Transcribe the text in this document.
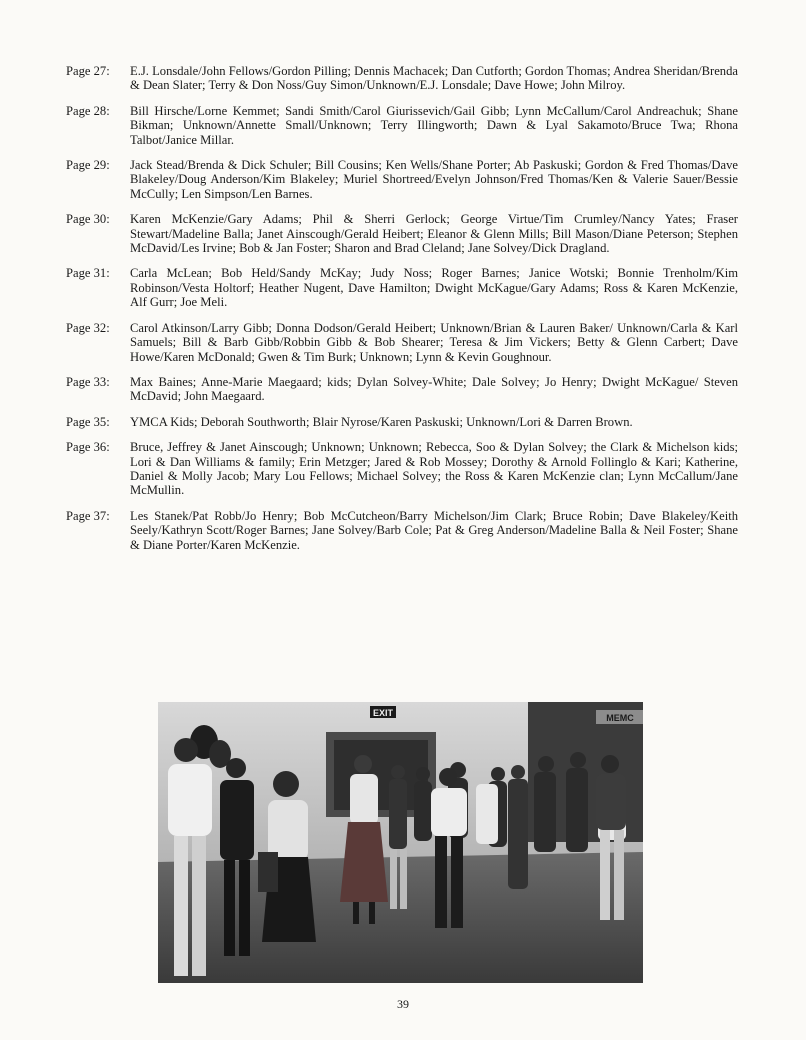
Page 27:	E.J. Lonsdale/John Fellows/Gordon Pilling; Dennis Machacek; Dan Cutforth; Gordon Thomas; Andrea Sheridan/Brenda & Dean Slater; Terry & Don Noss/Guy Simon/Unknown/E.J. Lonsdale; Dave Howe; John Milroy.
Page 28:	Bill Hirsche/Lorne Kemmet; Sandi Smith/Carol Giurissevich/Gail Gibb; Lynn McCallum/Carol Andreachuk; Shane Bikman; Unknown/Annette Small/Unknown; Terry Illingworth; Dawn & Lyal Sakamoto/Bruce Twa; Rhona Talbot/Janice Millar.
Page 29:	Jack Stead/Brenda & Dick Schuler; Bill Cousins; Ken Wells/Shane Porter; Ab Paskuski; Gordon & Fred Thomas/Dave Blakeley/Doug Anderson/Kim Blakeley; Muriel Shortreed/Evelyn Johnson/Fred Thomas/Ken & Valerie Sauer/Bessie McCully; Len Simpson/Len Barnes.
Page 30:	Karen McKenzie/Gary Adams; Phil & Sherri Gerlock; George Virtue/Tim Crumley/Nancy Yates; Fraser Stewart/Madeline Balla; Janet Ainscough/Gerald Heibert; Eleanor & Glenn Mills; Bill Mason/Diane Peterson; Stephen McDavid/Les Irvine; Bob & Jan Foster; Sharon and Brad Cleland; Jane Solvey/Dick Dragland.
Page 31:	Carla McLean; Bob Held/Sandy McKay; Judy Noss; Roger Barnes; Janice Wotski; Bonnie Trenholm/Kim Robinson/Vesta Holtorf; Heather Nugent, Dave Hamilton; Dwight McKague/Gary Adams; Ross & Karen McKenzie, Alf Gurr; Joe Meli.
Page 32:	Carol Atkinson/Larry Gibb; Donna Dodson/Gerald Heibert; Unknown/Brian & Lauren Baker/ Unknown/Carla & Karl Samuels; Bill & Barb Gibb/Robbin Gibb & Bob Shearer; Teresa & Jim Vickers; Betty & Glenn Carbert; Dave Howe/Karen McDonald; Gwen & Tim Burk; Unknown; Lynn & Kevin Goughnour.
Page 33:	Max Baines; Anne-Marie Maegaard; kids; Dylan Solvey-White; Dale Solvey; Jo Henry; Dwight McKague/ Steven McDavid; John Maegaard.
Page 35:	YMCA Kids; Deborah Southworth; Blair Nyrose/Karen Paskuski; Unknown/Lori & Darren Brown.
Page 36:	Bruce, Jeffrey & Janet Ainscough; Unknown; Unknown; Rebecca, Soo & Dylan Solvey; the Clark & Michelson kids; Lori & Dan Williams & family; Erin Metzger; Jared & Rob Mossey; Dorothy & Arnold Follinglo & Kari; Katherine, Daniel & Molly Jacob; Mary Lou Fellows; Michael Solvey; the Ross & Karen McKenzie clan; Lynn McCallum/Jane McMullin.
Page 37:	Les Stanek/Pat Robb/Jo Henry; Bob McCutcheon/Barry Michelson/Jim Clark; Bruce Robin; Dave Blakeley/Keith Seely/Kathryn Scott/Roger Barnes; Jane Solvey/Barb Cole; Pat & Greg Anderson/Madeline Balla & Neil Foster; Shane & Diane Porter/Karen McKenzie.
MEMC
EXIT
39
